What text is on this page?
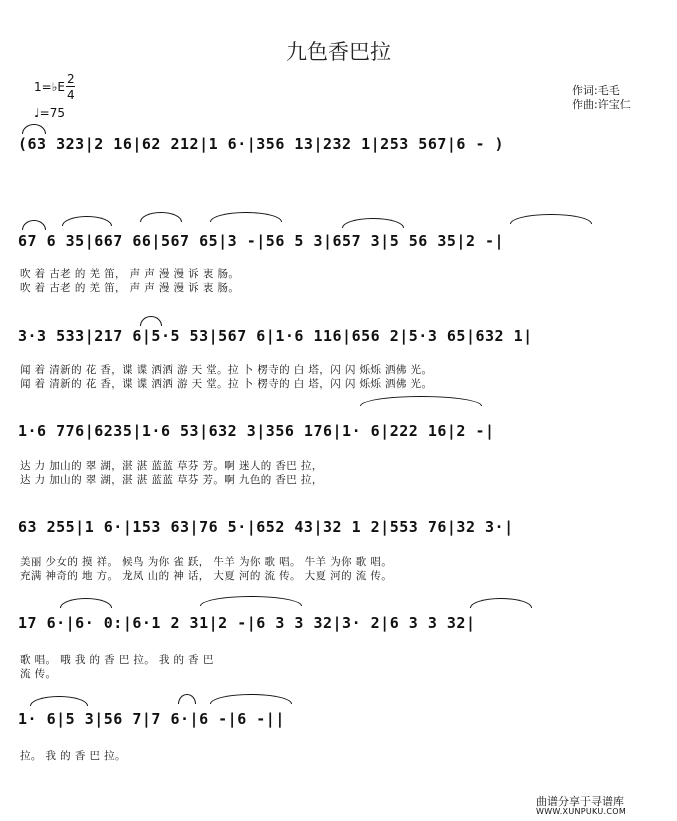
九色香巴拉
作词:毛毛
作曲:许宝仁
1=♭E
2
4
♩=75
(63 323|2 16|62 212|1 6·|356 13|232 1|253 567|6 - )
67 6 35|667 66|567 65|3 -|56 5 3|657 3|5 56 35|2 -|
吹 着 古老 的 羌 笛， 声 声 漫 漫 诉 衷 肠。
吹 着 古老 的 羌 笛， 声 声 漫 漫 诉 衷 肠。
3·3 533|217 6|5·5 53|567 6|1·6 116|656 2|5·3 65|632 1|
闻 着 清新的 花 香，谍 谍 洒洒 游 天 堂。拉 卜 楞寺的 白 塔，闪 闪 烁烁 洒佛 光。
闻 着 清新的 花 香，谍 谍 洒洒 游 天 堂。拉 卜 楞寺的 白 塔，闪 闪 烁烁 洒佛 光。
1·6 776|6235|1·6 53|632 3|356 176|1· 6|222 16|2 -|
达 力 加山的 翠 湖，湛 湛 蓝蓝 草芬 芳。啊 迷人的 香巴 拉，
达 力 加山的 翠 湖，湛 湛 蓝蓝 草芬 芳。啊 九色的 香巴 拉，
63 255|1 6·|153 63|76 5·|652 43|32 1 2|553 76|32 3·|
美丽 少女的 摸 祥。 候鸟 为你 雀 跃， 牛羊 为你 歌 唱。 牛羊 为你 歌 唱。
充满 神奇的 地 方。 龙凤 山的 神 话， 大夏 河的 流 传。 大夏 河的 流 传。
17 6·|6· 0:|6·1 2 31|2 -|6 3 3 32|3· 2|6 3 3 32|
歌 唱。 哦 我 的 香 巴 拉。 我 的 香 巴
流 传。
1· 6|5 3|56 7|7 6·|6 -|6 -||
拉。 我 的 香 巴 拉。
曲谱分享于寻谱库
WWW.XUNPUKU.COM
